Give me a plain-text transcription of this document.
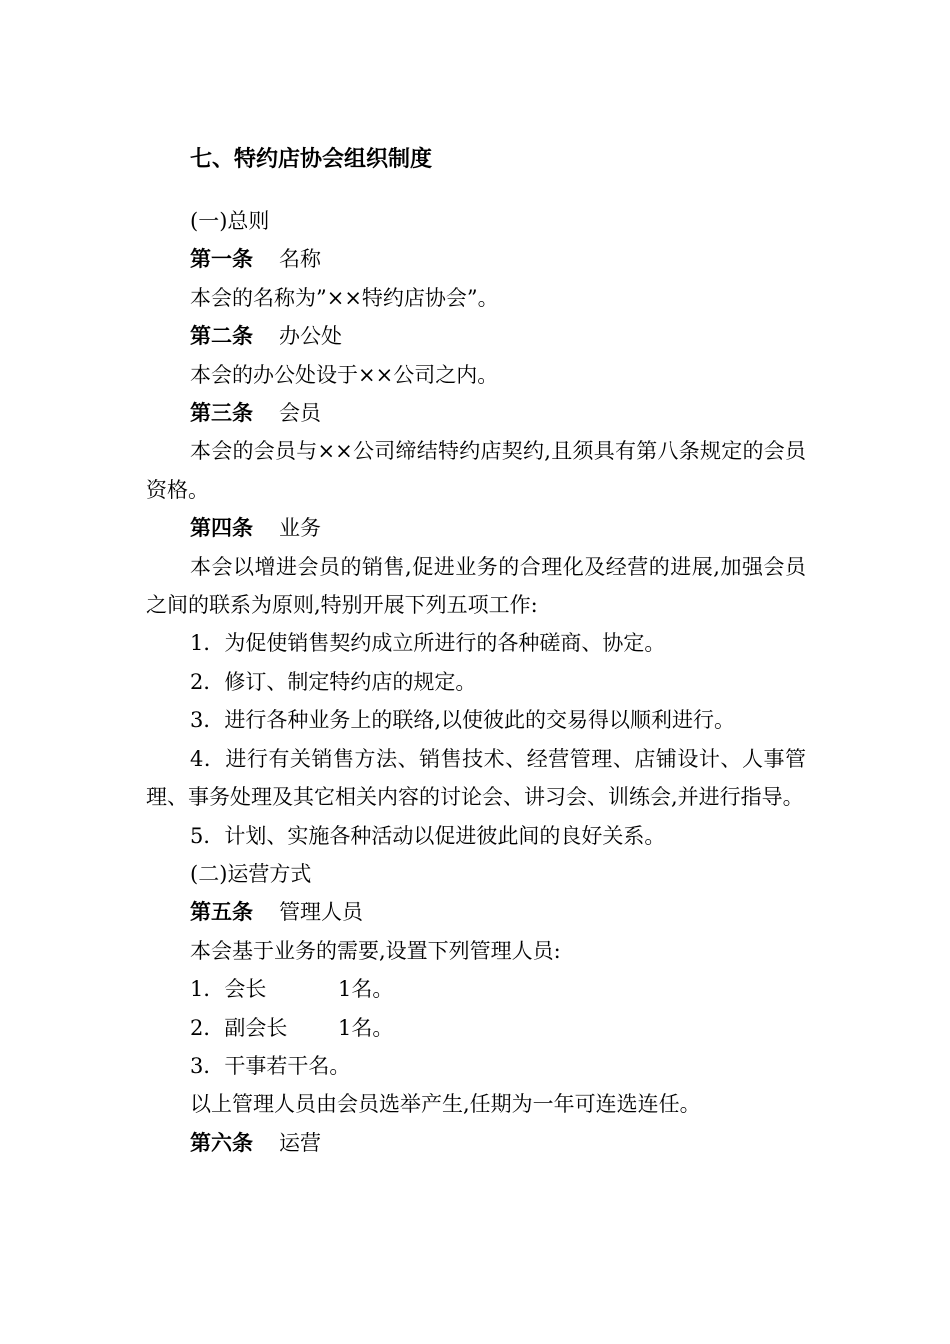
七、特约店协会组织制度
(一)总则
第一条 名称
本会的名称为”××特约店协会”。
第二条 办公处
本会的办公处设于××公司之内。
第三条 会员

本会的会员与××公司缔结特约店契约,且须具有第八条规定的会员资格。

第四条 业务

本会以增进会员的销售,促进业务的合理化及经营的进展,加强会员之间的联系为原则,特别开展下列五项工作:

1．为促使销售契约成立所进行的各种磋商、协定。

2．修订、制定特约店的规定。

3．进行各种业务上的联络,以使彼此的交易得以顺利进行。

4．进行有关销售方法、销售技术、经营管理、店铺设计、人事管理、事务处理及其它相关内容的讨论会、讲习会、训练会,并进行指导。

5．计划、实施各种活动以促进彼此间的良好关系。

(二)运营方式
第五条 管理人员
本会基于业务的需要,设置下列管理人员:
1．会长	1名。
2．副会长 1名。
3．干事若干名。
以上管理人员由会员选举产生,任期为一年可连选连任。
第六条 运营
